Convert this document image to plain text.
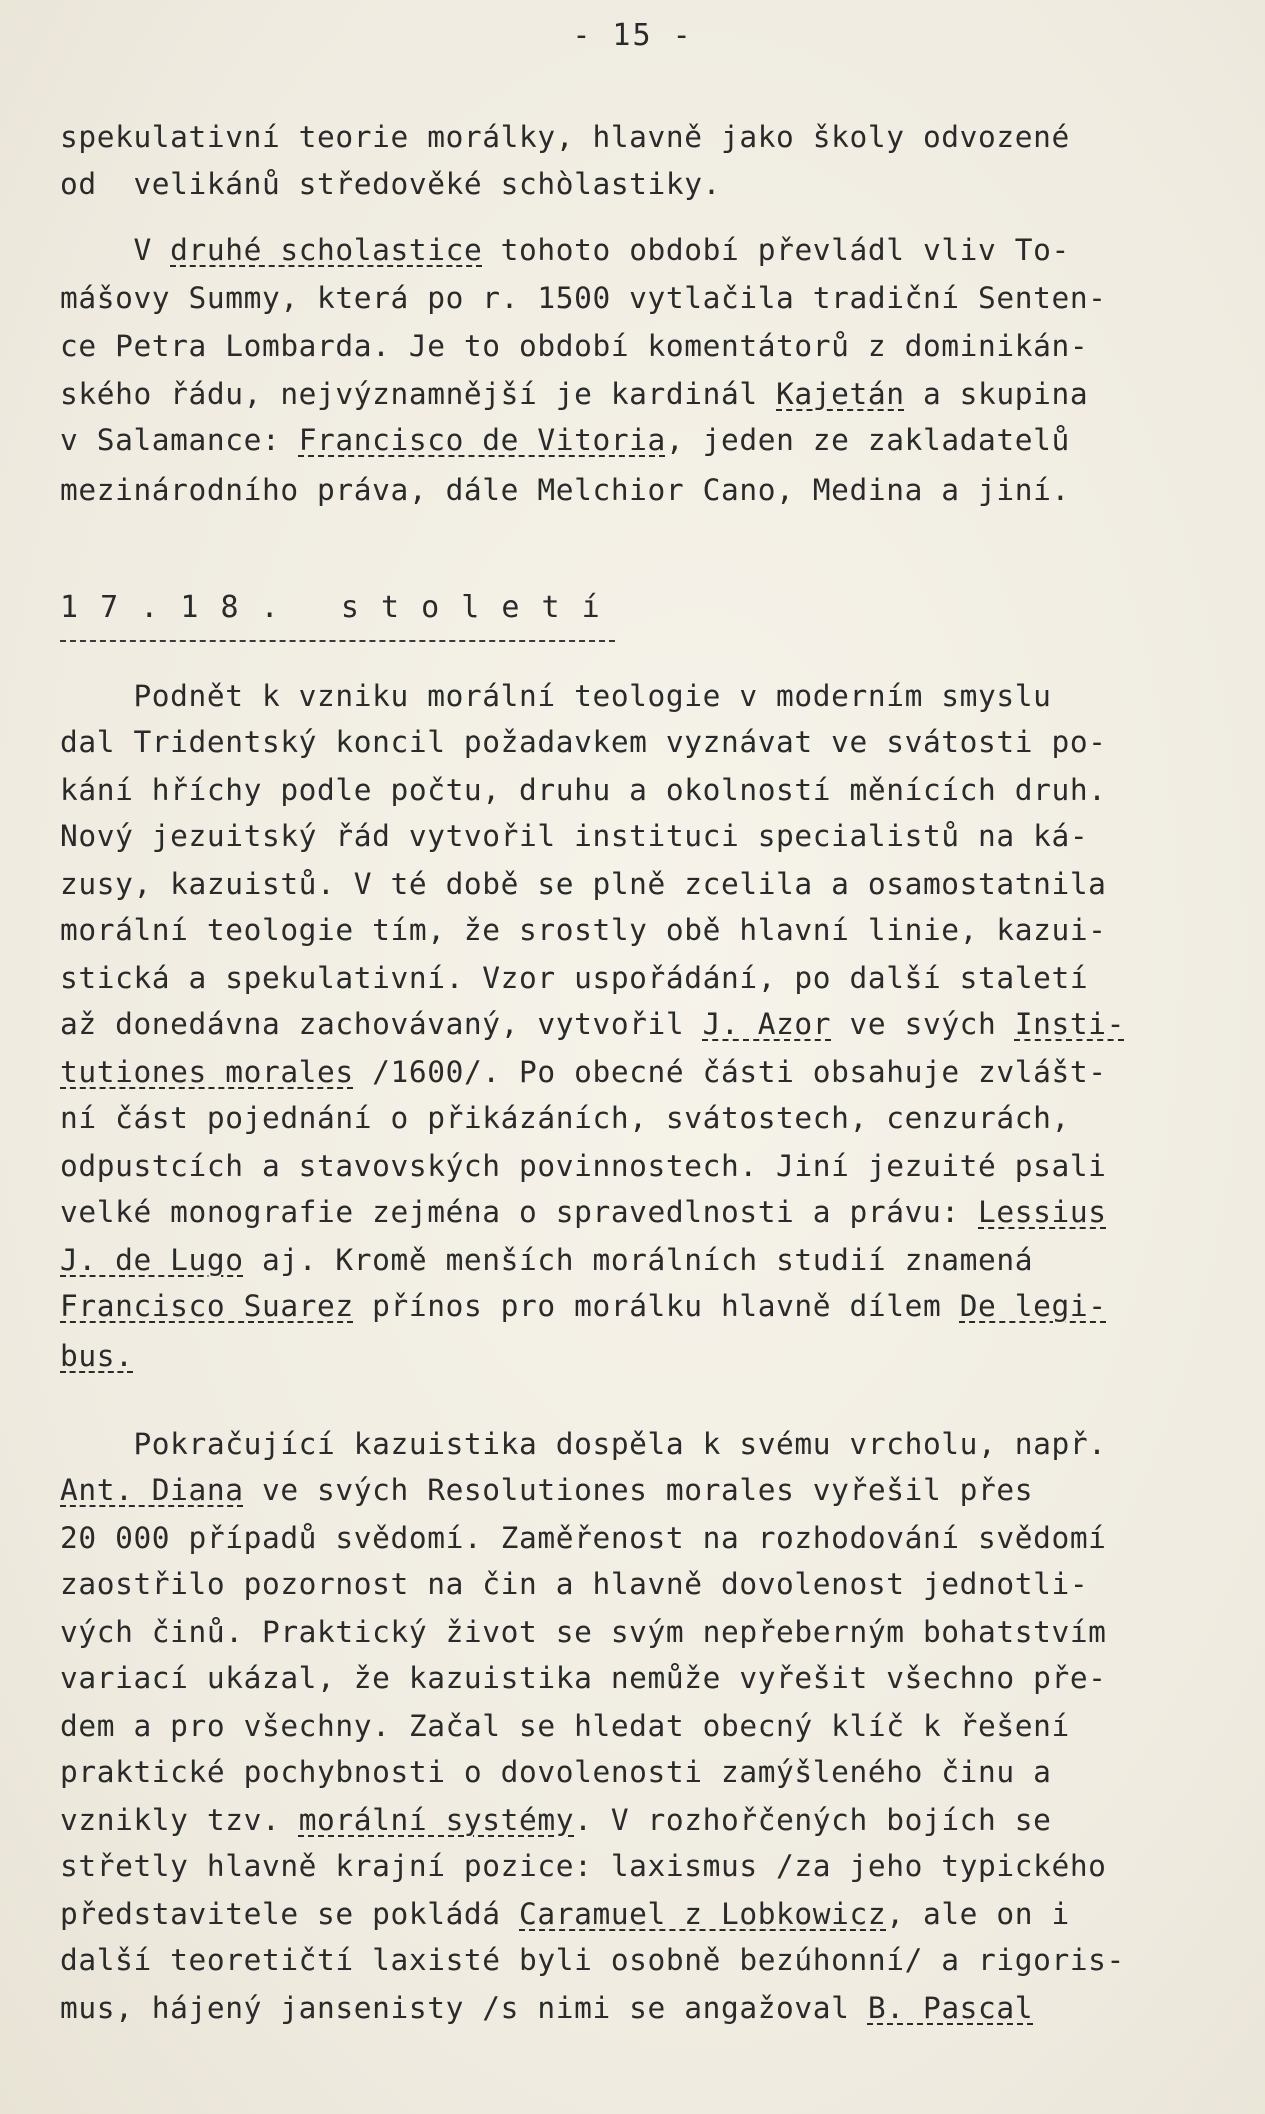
- 15 -
spekulativní teorie morálky, hlavně jako školy odvozené
od  velikánů středověké schòlastiky.
V druhé scholastice tohoto období převládl vliv To-
mášovy Summy, která po r. 1500 vytlačila tradiční Senten-
ce Petra Lombarda. Je to období komentátorů z dominikán-
ského řádu, nejvýznamnější je kardinál Kajetán a skupina
v Salamance: Francisco de Vitoria, jeden ze zakladatelů
mezinárodního práva, dále Melchior Cano, Medina a jiní.
Podnět k vzniku morální teologie v moderním smyslu
dal Tridentský koncil požadavkem vyznávat ve svátosti po-
kání hříchy podle počtu, druhu a okolností měnících druh.
Nový jezuitský řád vytvořil instituci specialistů na ká-
zusy, kazuistů. V té době se plně zcelila a osamostatnila
morální teologie tím, že srostly obě hlavní linie, kazui-
stická a spekulativní. Vzor uspořádání, po další staletí
až donedávna zachovávaný, vytvořil J. Azor ve svých Insti-
tutiones morales /1600/. Po obecné části obsahuje zvlášt-
ní část pojednání o přikázáních, svátostech, cenzurách,
odpustcích a stavovských povinnostech. Jiní jezuité psali
velké monografie zejména o spravedlnosti a právu: Lessius
J. de Lugo aj. Kromě menších morálních studií znamená
Francisco Suarez přínos pro morálku hlavně dílem De legi-
bus.
Pokračující kazuistika dospěla k svému vrcholu, např.
Ant. Diana ve svých Resolutiones morales vyřešil přes
20 000 případů svědomí. Zaměřenost na rozhodování svědomí
zaostřilo pozornost na čin a hlavně dovolenost jednotli-
vých činů. Praktický život se svým nepřeberným bohatstvím
variací ukázal, že kazuistika nemůže vyřešit všechno pře-
dem a pro všechny. Začal se hledat obecný klíč k řešení
praktické pochybnosti o dovolenosti zamýšleného činu a
vznikly tzv. morální systémy. V rozhořčených bojích se
střetly hlavně krajní pozice: laxismus /za jeho typického
představitele se pokládá Caramuel z Lobkowicz, ale on i
další teoretičtí laxisté byli osobně bezúhonní/ a rigoris-
mus, hájený jansenisty /s nimi se angažoval B. Pascal
1 7 . 1 8 .   s t o l e t í
